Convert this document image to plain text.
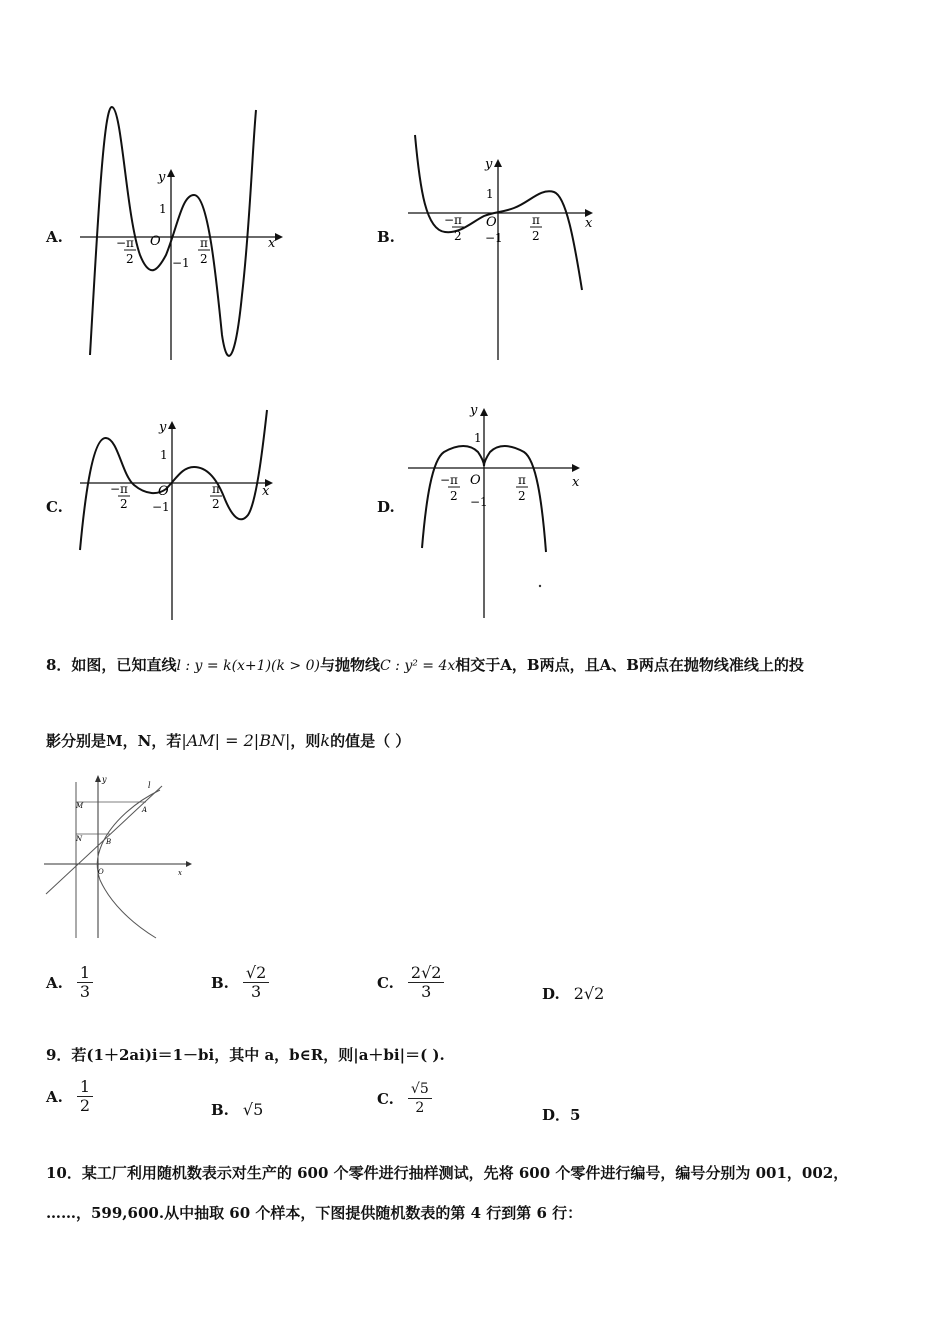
A.	x
y
1
O
−1
−π
2
π
2
B.
x
y
1
O
−1
−π
2
π
2
C.
x
y
1
O
−1
−π
2
π
2	D.
x
y
1
O
−1
−π
2
π
2
8．如图，已知直线l : y = k(x+1)(k > 0)与抛物线C : y² = 4x相交于A，B两点，且A、B两点在抛物线准线上的投
影分别是M，N，若|AM| = 2|BN|，则k的值是（ ）
y
l
M	A
N	B
O	x
A. $\frac{1}{3}$	B. $\frac{√2}{3}$	C. $\frac{2√2}{3}$	D. 2√2
9．若(1＋2ai)i＝1－bi，其中 a，b∈R，则|a＋bi|＝( ).
A. $\frac{1}{2}$	B. √5
C. $\frac{√5}{2}$	D．5
10．某工厂利用随机数表示对生产的 600 个零件进行抽样测试，先将 600 个零件进行编号，编号分别为 001，002，
……，599,600.从中抽取 60 个样本，下图提供随机数表的第 4 行到第 6 行：
